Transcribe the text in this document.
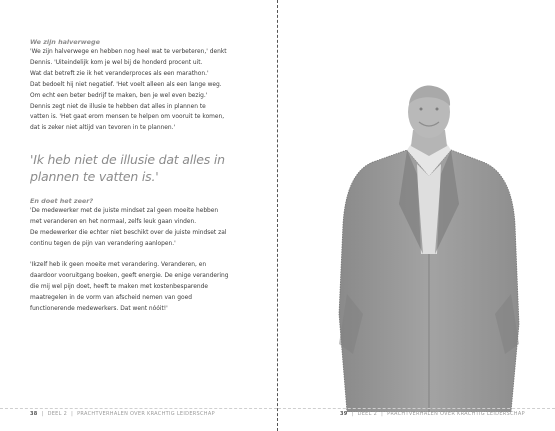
We zijn halverwege

'We zijn halverwege en hebben nog heel wat te verbeteren,' denkt
Dennis. 'Uiteindelijk kom je wel bij de honderd procent uit.
Wat dat betreft zie ik het veranderproces als een marathon.'
Dat bedoelt hij niet negatief. 'Het voelt alleen als een lange weg.
Om echt een beter bedrijf te maken, ben je wel even bezig.'
Dennis zegt niet de illusie te hebben dat alles in plannen te
vatten is. 'Het gaat erom mensen te helpen om vooruit te komen,
dat is zeker niet altijd van tevoren in te plannen.'

'Ik heb niet de illusie dat alles in
plannen te vatten is.'

En doet het zeer?

'De medewerker met de juiste mindset zal geen moeite hebben
met veranderen en het normaal, zelfs leuk gaan vinden.
De medewerker die echter niet beschikt over de juiste mindset zal
continu tegen de pijn van verandering aanlopen.'

'Ikzelf heb ik geen moeite met verandering. Veranderen, en
daardoor vooruitgang boeken, geeft energie. De enige verandering
die mij wel pijn doet, heeft te maken met kostenbesparende
maatregelen in de vorm van afscheid nemen van goed
functionerende medewerkers. Dat went nóóit!'

38 | DEEL 2 | PRACHTVERHALEN OVER KRACHTIG LEIDERSCHAP	39 | DEEL 2 | PRACHTVERHALEN OVER KRACHTIG LEIDERSCHAP
